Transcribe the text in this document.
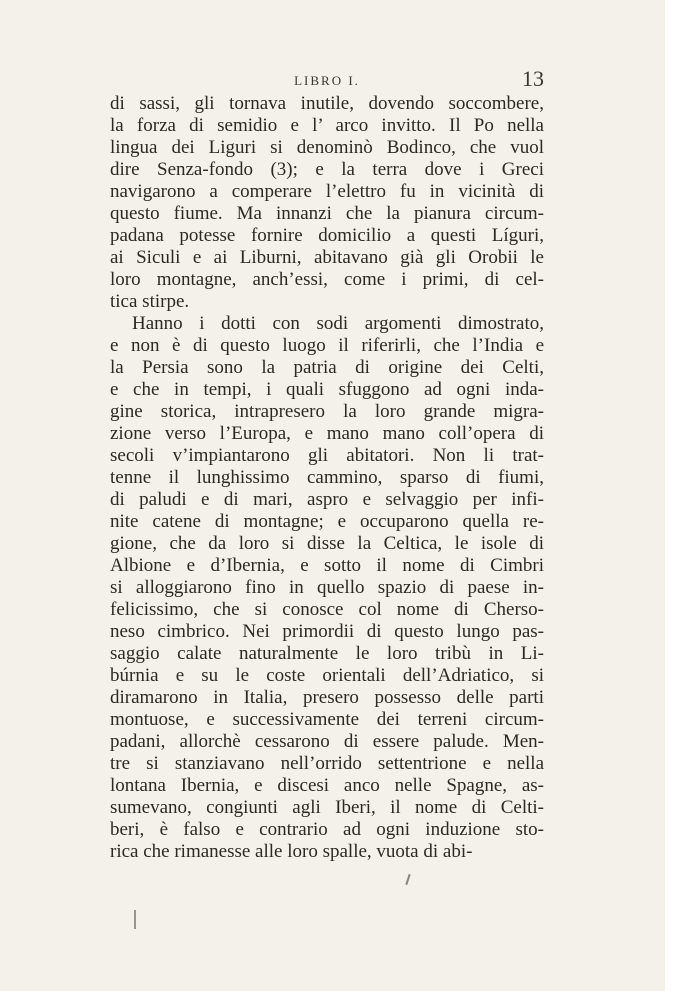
LIBRO I.	13
di sassi, gli tornava inutile, dovendo soccombere,
la forza di semidio e l’ arco invitto. Il Po nella
lingua dei Liguri si denominò Bodinco, che vuol
dire Senza-fondo (3); e la terra dove i Greci
navigarono a comperare l’elettro fu in vicinità di
questo fiume. Ma innanzi che la pianura circum-
padana potesse fornire domicilio a questi Líguri,
ai Siculi e ai Liburni, abitavano già gli Orobii le
loro montagne, anch’essi, come i primi, di cel-
tica stirpe.
Hanno i dotti con sodi argomenti dimostrato,
e non è di questo luogo il riferirli, che l’India e
la Persia sono la patria di origine dei Celti,
e che in tempi, i quali sfuggono ad ogni inda-
gine storica, intrapresero la loro grande migra-
zione verso l’Europa, e mano mano coll’opera di
secoli v’impiantarono gli abitatori. Non li trat-
tenne il lunghissimo cammino, sparso di fiumi,
di paludi e di mari, aspro e selvaggio per infi-
nite catene di montagne; e occuparono quella re-
gione, che da loro si disse la Celtica, le isole di
Albione e d’Ibernia, e sotto il nome di Cimbri
si alloggiarono fino in quello spazio di paese in-
felicissimo, che si conosce col nome di Cherso-
neso cimbrico. Nei primordii di questo lungo pas-
saggio calate naturalmente le loro tribù in Li-
búrnia e su le coste orientali dell’Adriatico, si
diramarono in Italia, presero possesso delle parti
montuose, e successivamente dei terreni circum-
padani, allorchè cessarono di essere palude. Men-
tre si stanziavano nell’orrido settentrione e nella
lontana Ibernia, e discesi anco nelle Spagne, as-
sumevano, congiunti agli Iberi, il nome di Celti-
beri, è falso e contrario ad ogni induzione sto-
rica che rimanesse alle loro spalle, vuota di abi-
